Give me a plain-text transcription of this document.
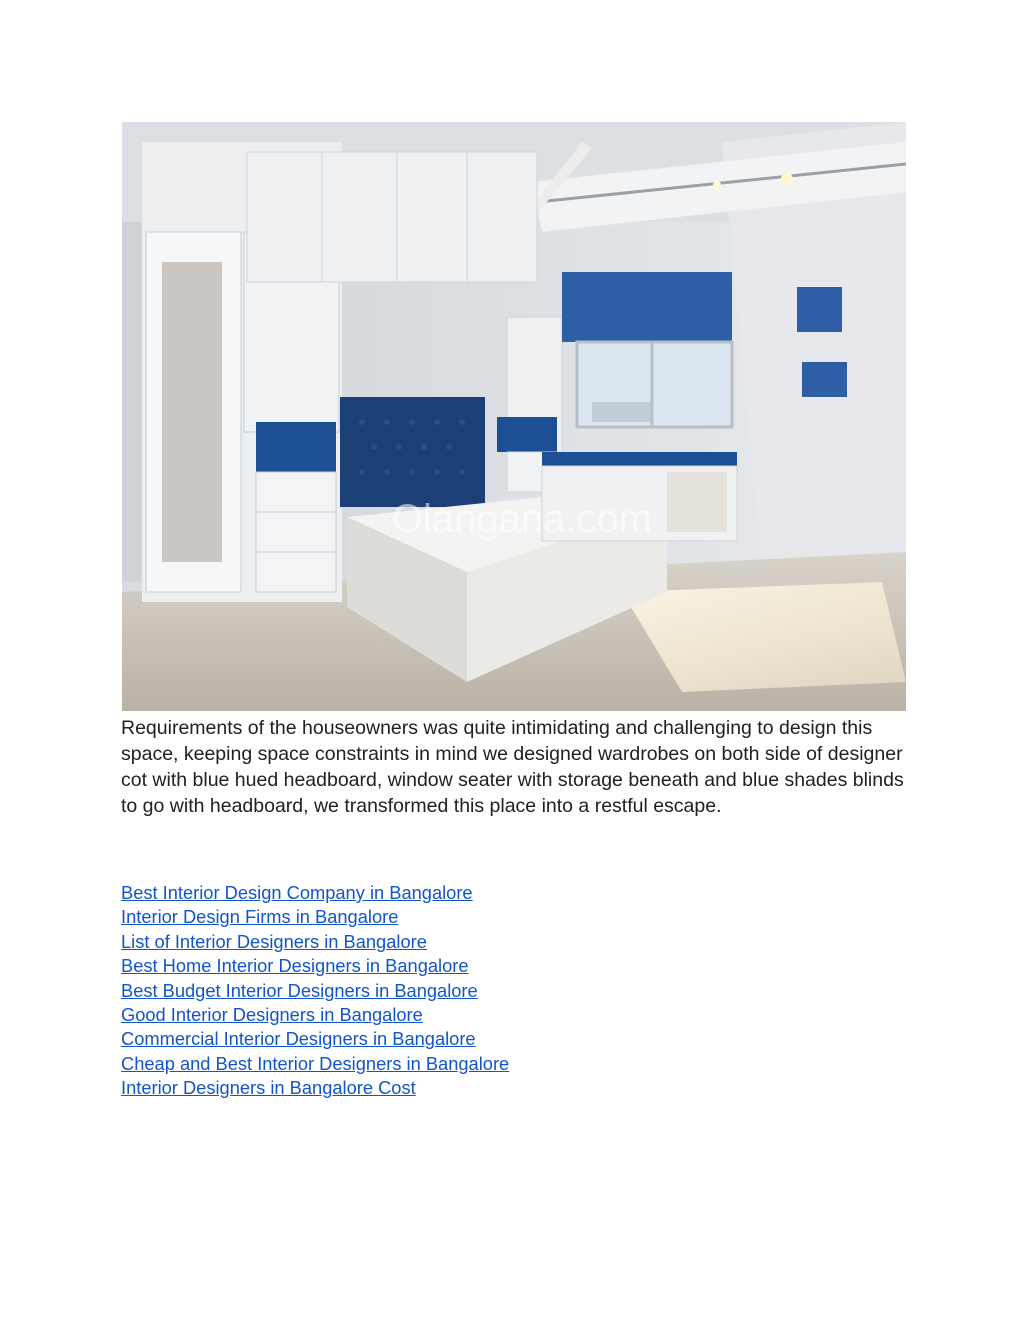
Olangana.com

Requirements of the houseowners was quite intimidating and challenging to design this space, keeping space constraints in mind we designed wardrobes on both side of designer cot with blue hued headboard, window seater with storage beneath and blue shades blinds to go with headboard, we transformed this place into a restful escape.

Best Interior Design Company in Bangalore
Interior Design Firms in Bangalore
List of Interior Designers in Bangalore
Best Home Interior Designers in Bangalore
Best Budget Interior Designers in Bangalore
Good Interior Designers in Bangalore
Commercial Interior Designers in Bangalore
Cheap and Best Interior Designers in Bangalore
Interior Designers in Bangalore Cost
